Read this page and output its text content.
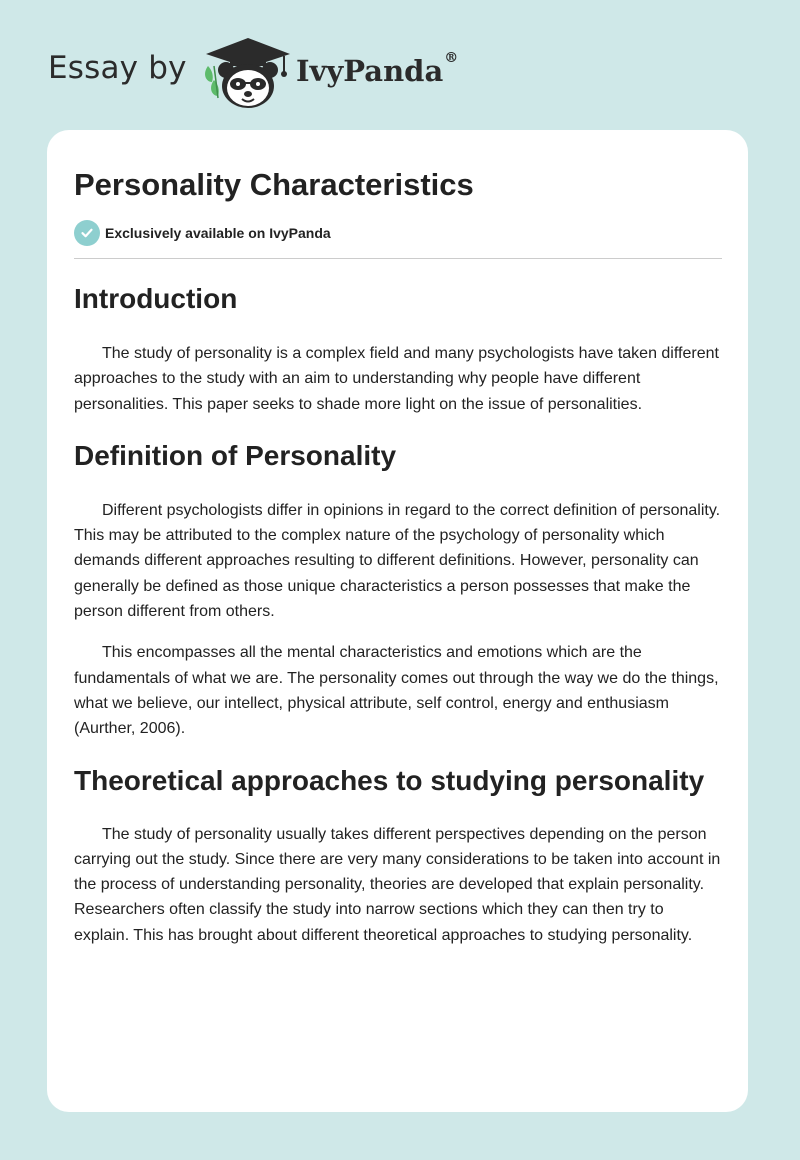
Essay by	IvyPanda®
Personality Characteristics
Exclusively available on IvyPanda
Introduction

The study of personality is a complex field and many psychologists have taken different approaches to the study with an aim to understanding why people have different personalities. This paper seeks to shade more light on the issue of personalities.

Definition of Personality

Different psychologists differ in opinions in regard to the correct definition of personality. This may be attributed to the complex nature of the psychology of personality which demands different approaches resulting to different definitions. However, personality can generally be defined as those unique characteristics a person possesses that make the person different from others.

This encompasses all the mental characteristics and emotions which are the fundamentals of what we are. The personality comes out through the way we do the things, what we believe, our intellect, physical attribute, self control, energy and enthusiasm (Aurther, 2006).

Theoretical approaches to studying personality

The study of personality usually takes different perspectives depending on the person carrying out the study. Since there are very many considerations to be taken into account in the process of understanding personality, theories are developed that explain personality. Researchers often classify the study into narrow sections which they can then try to explain. This has brought about different theoretical approaches to studying personality.
